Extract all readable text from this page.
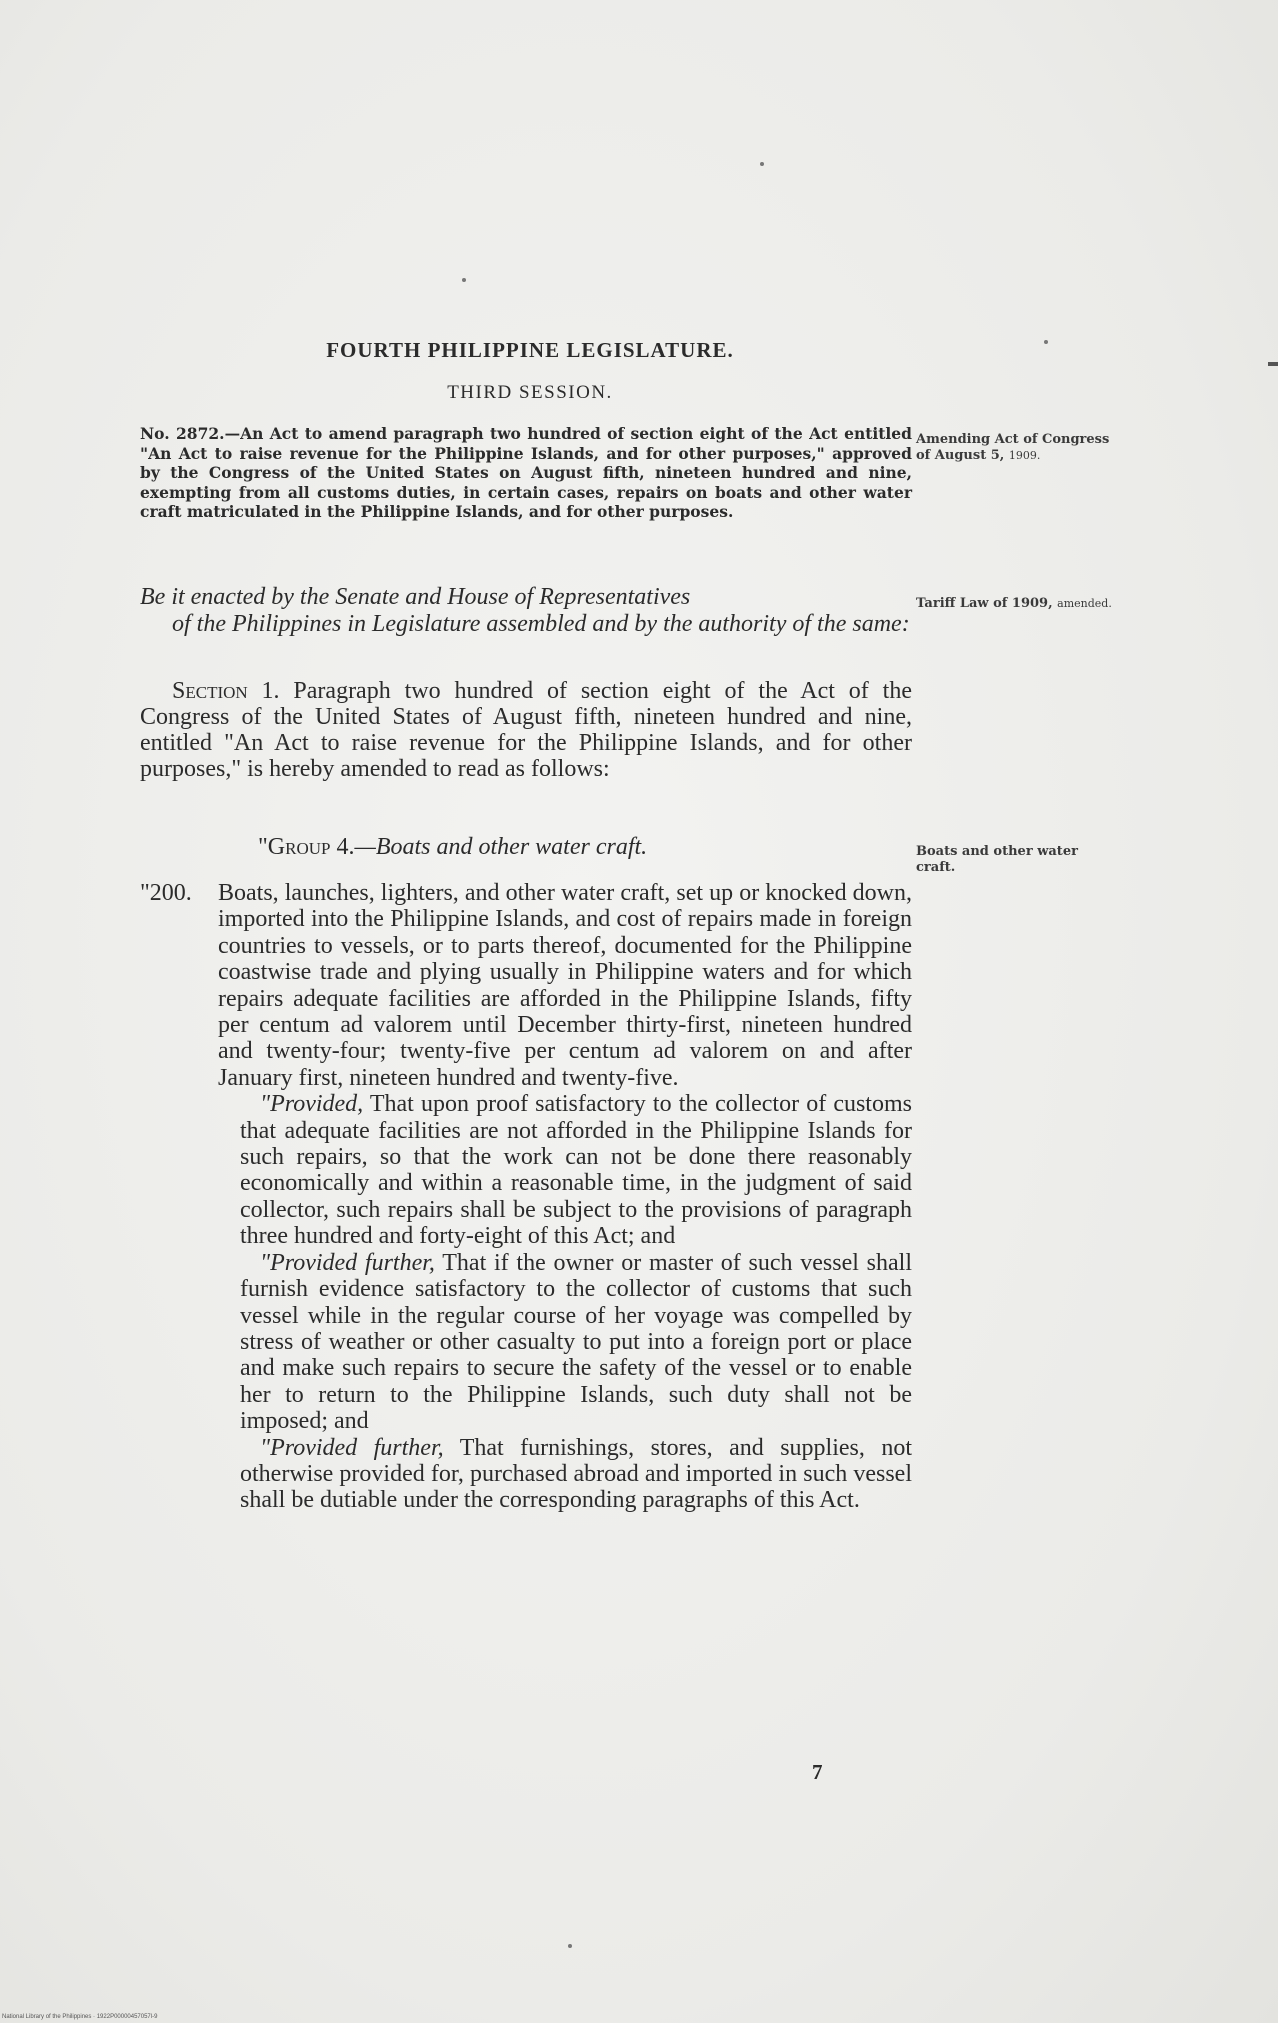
FOURTH PHILIPPINE LEGISLATURE.
THIRD SESSION.
No. 2872.—An Act to amend paragraph two hundred of section eight of the Act entitled "An Act to raise revenue for the Philippine Islands, and for other purposes," approved by the Congress of the United States on August fifth, nineteen hundred and nine, exempting from all customs duties, in certain cases, repairs on boats and other water craft matriculated in the Philippine Islands, and for other purposes.
Be it enacted by the Senate and House of Representatives
of the Philippines in Legislature assembled and by the authority of the same:
Section 1. Paragraph two hundred of section eight of the Act of the Congress of the United States of August fifth, nineteen hundred and nine, entitled "An Act to raise revenue for the Philippine Islands, and for other purposes," is hereby amended to read as follows:
"Group 4.—Boats and other water craft.
"200.	Boats, launches, lighters, and other water craft, set up or knocked down, imported into the Philippine Islands, and cost of repairs made in foreign countries to vessels, or to parts thereof, documented for the Philippine coastwise trade and plying usually in Philippine waters and for which repairs adequate facilities are afforded in the Philippine Islands, fifty per centum ad valorem until December thirty-first, nineteen hundred and twenty-four; twenty-five per centum ad valorem on and after January first, nineteen hundred and twenty-five.
"Provided, That upon proof satisfactory to the collector of customs that adequate facilities are not afforded in the Philippine Islands for such repairs, so that the work can not be done there reasonably economically and within a reasonable time, in the judgment of said collector, such repairs shall be subject to the provisions of paragraph three hundred and forty-eight of this Act; and
"Provided further, That if the owner or master of such vessel shall furnish evidence satisfactory to the collector of customs that such vessel while in the regular course of her voyage was compelled by stress of weather or other casualty to put into a foreign port or place and make such repairs to secure the safety of the vessel or to enable her to return to the Philippine Islands, such duty shall not be imposed; and
"Provided further, That furnishings, stores, and supplies, not otherwise provided for, purchased abroad and imported in such vessel shall be dutiable under the corresponding paragraphs of this Act.
Amending Act of Congress of August 5, 1909.
Tariff Law of 1909, amended.
Boats and other water craft.
7
National Library of the Philippines · 1922P00000457057l-9
